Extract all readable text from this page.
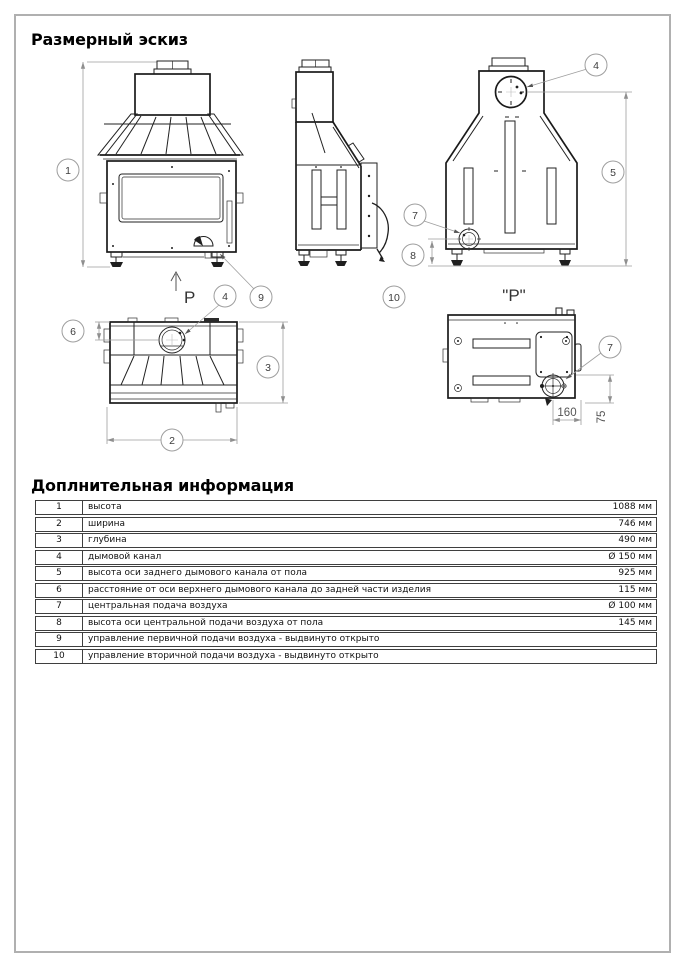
Размерный эскиз
P	"P"
160 75
1
2
3
4
4
5
6
7
7
8
9	10
Доплнительная информация
1	высота	1088 мм
2	ширина	746 мм
3	глубина	490 мм
4	дымовой канал	Ø 150 мм
5	высота оси заднего дымового канала от пола	925 мм
6	расстояние от оси верхнего дымового канала до задней части изделия	115 мм
7	центральная подача воздуха	Ø 100 мм
8	высота оси центральной подачи воздуха от пола	145 мм
9	управление первичной подачи воздуха - выдвинуто открыто
10	управление вторичной подачи воздуха - выдвинуто открыто
